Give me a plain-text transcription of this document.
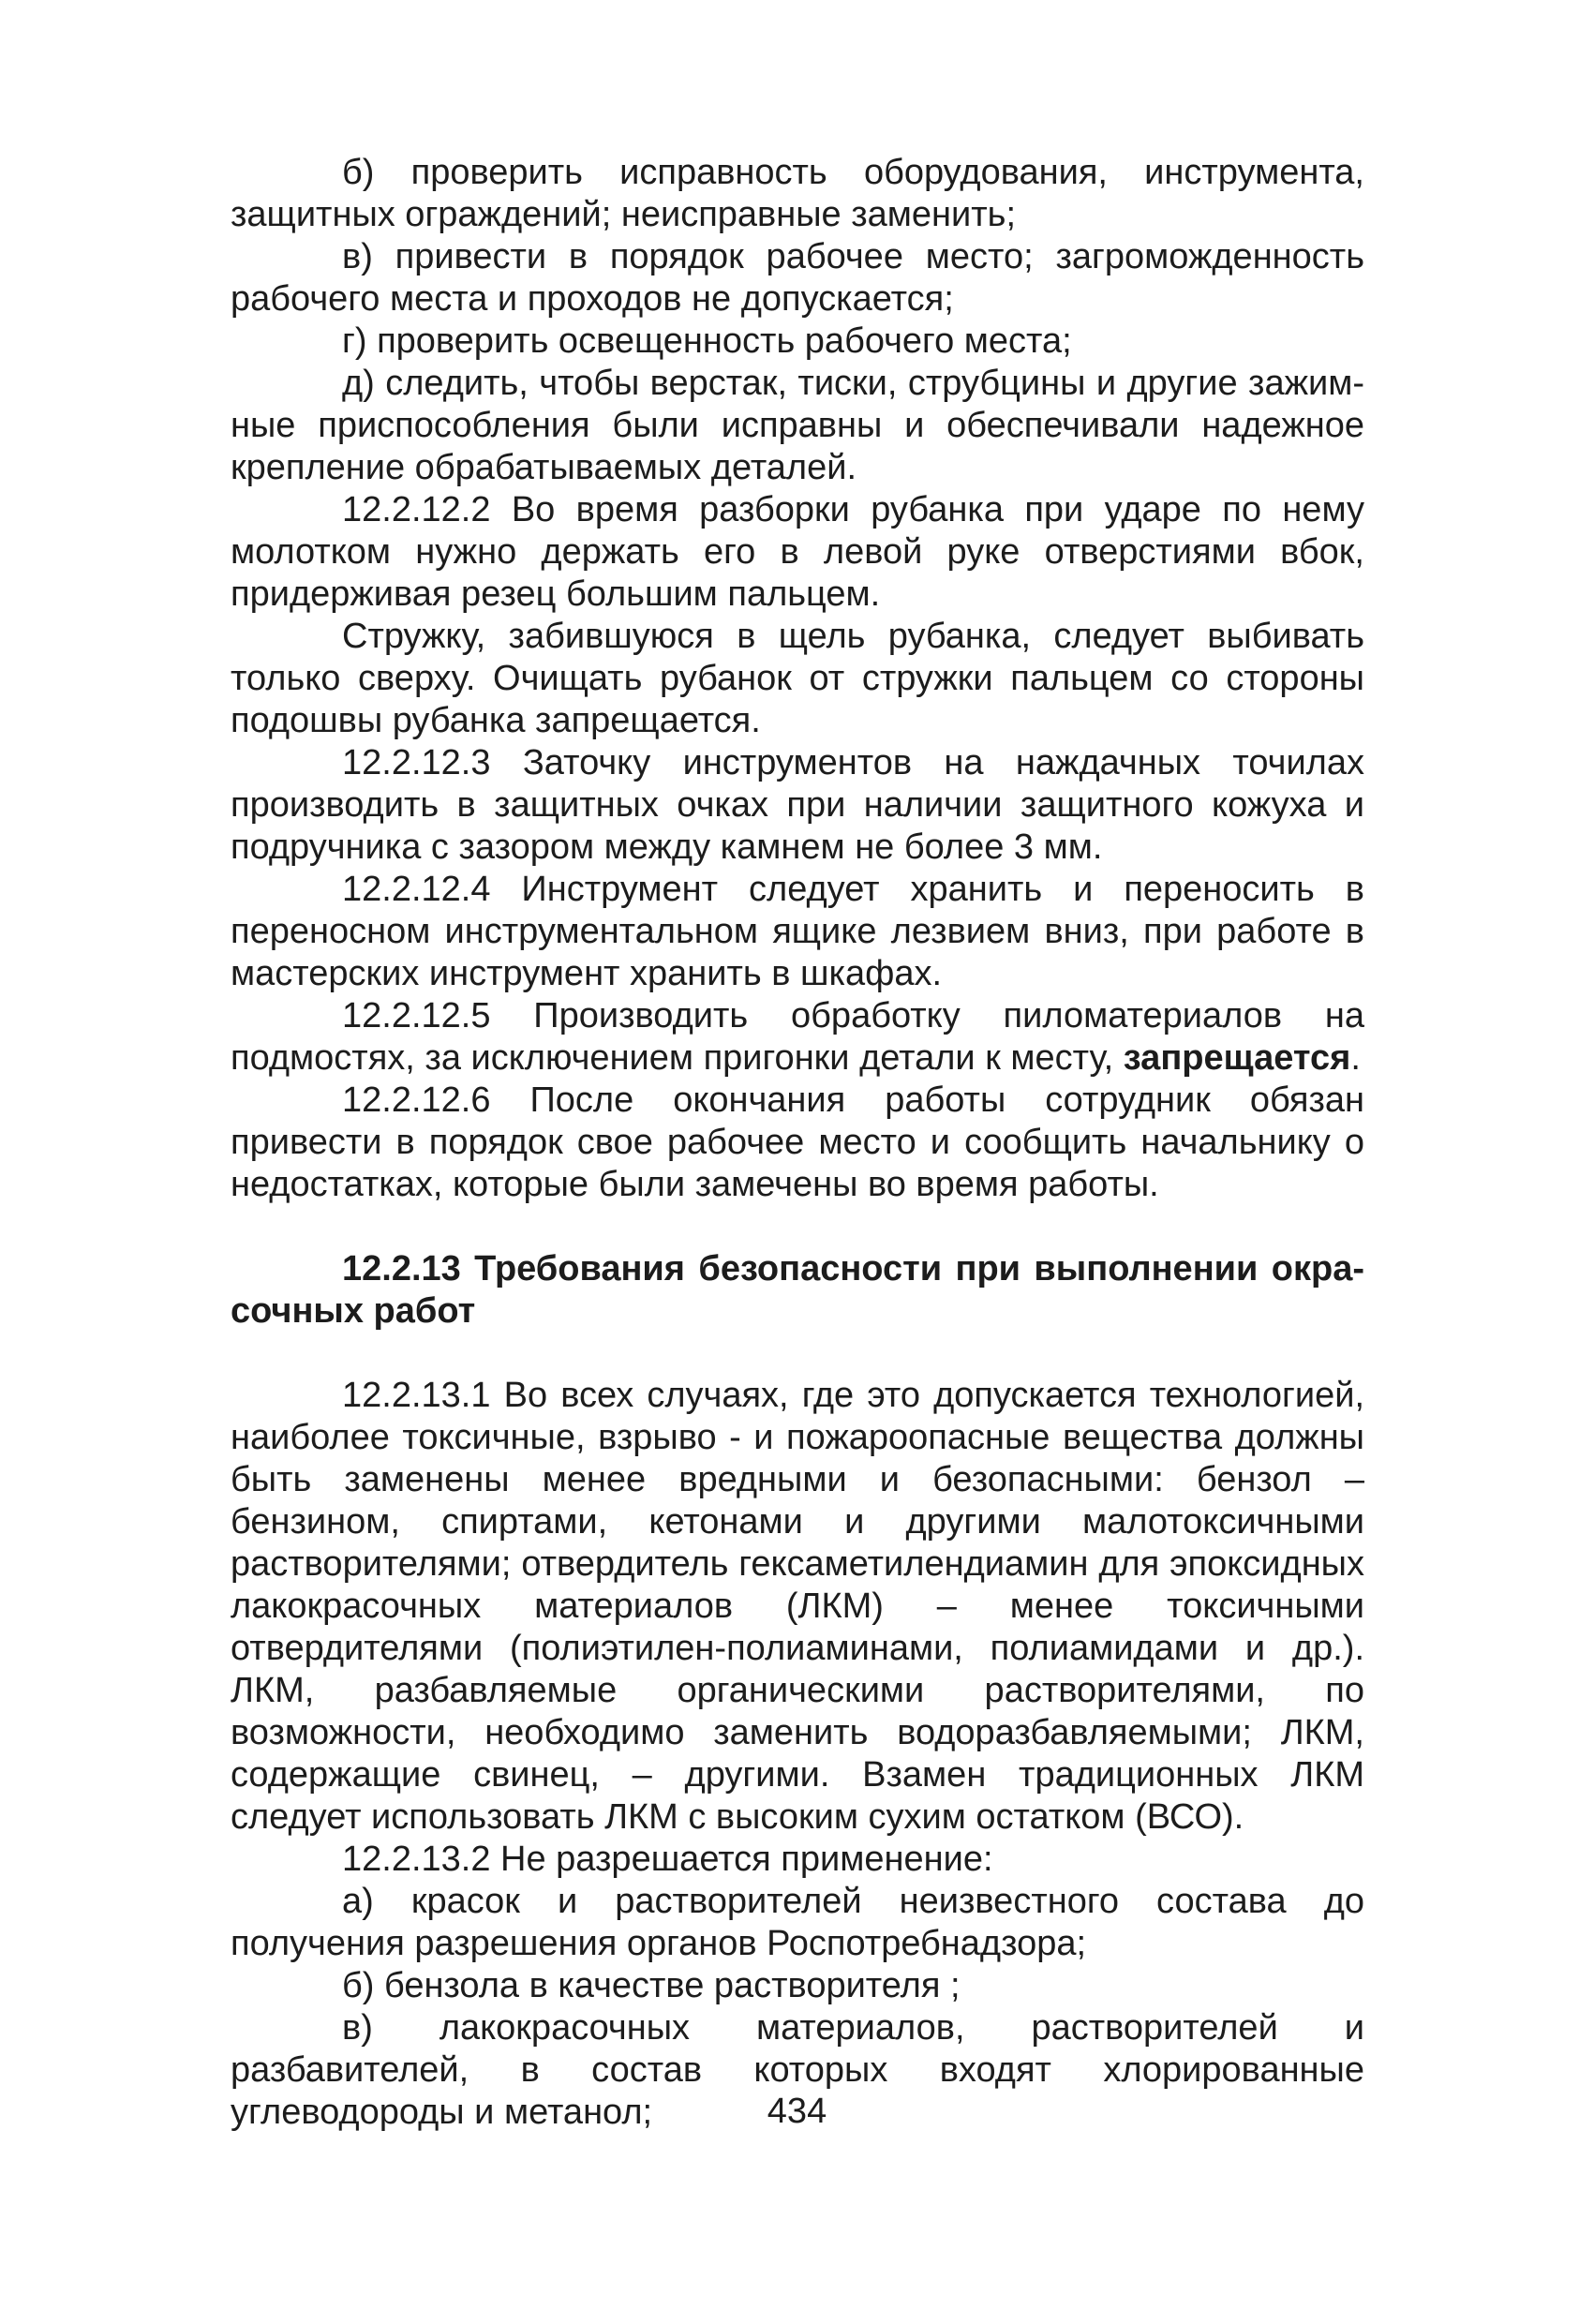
б) проверить исправность оборудования, инструмента, защитных ограждений; неисправные заменить;

в) привести в порядок рабочее место; загроможденность рабочего места и проходов не допускается;

г) проверить освещенность рабочего места;

д) следить, чтобы верстак, тиски, струбцины и другие зажимные приспособления были исправны и обеспечивали надежное крепление обрабатываемых деталей.

12.2.12.2 Во время разборки рубанка при ударе по нему молотком нужно держать его в левой руке отверстиями вбок, придерживая резец большим пальцем.

Стружку, забившуюся в щель рубанка, следует выбивать только сверху. Очищать рубанок от стружки пальцем со стороны подошвы рубанка запрещается.

12.2.12.3 Заточку инструментов на наждачных точилах производить в защитных очках при наличии защитного кожуха и подручника с зазором между камнем не более 3 мм.

12.2.12.4 Инструмент следует хранить и переносить в переносном инструментальном ящике лезвием вниз, при работе в мастерских инструмент хранить в шкафах.

12.2.12.5 Производить обработку пиломатериалов на подмостях, за исключением пригонки детали к месту, запрещается.

12.2.12.6 После окончания работы сотрудник обязан привести в порядок свое рабочее место и сообщить начальнику о недостатках, которые были замечены во время работы.

12.2.13 Требования безопасности при выполнении окрасочных работ

12.2.13.1 Во всех случаях, где это допускается технологией, наиболее токсичные, взрыво - и пожароопасные вещества должны быть заменены менее вредными и безопасными: бензол – бензином, спиртами, кетонами и другими малотоксичными растворителями; отвердитель гексаметилендиамин для эпоксидных лакокрасочных материалов (ЛКМ) – менее токсичными отвердителями (полиэтилен-полиаминами, полиамидами и др.). ЛКМ, разбавляемые органическими растворителями, по возможности, необходимо заменить водоразбавляемыми; ЛКМ, содержащие свинец, – другими. Взамен традиционных ЛКМ следует использовать ЛКМ с высоким сухим остатком (ВСО).

12.2.13.2 Не разрешается применение:

а) красок и растворителей неизвестного состава до получения разрешения органов Роспотребнадзора;

б) бензола в качестве растворителя ;

в) лакокрасочных материалов, растворителей и разбавителей, в состав которых входят хлорированные углеводороды и метанол;	434
